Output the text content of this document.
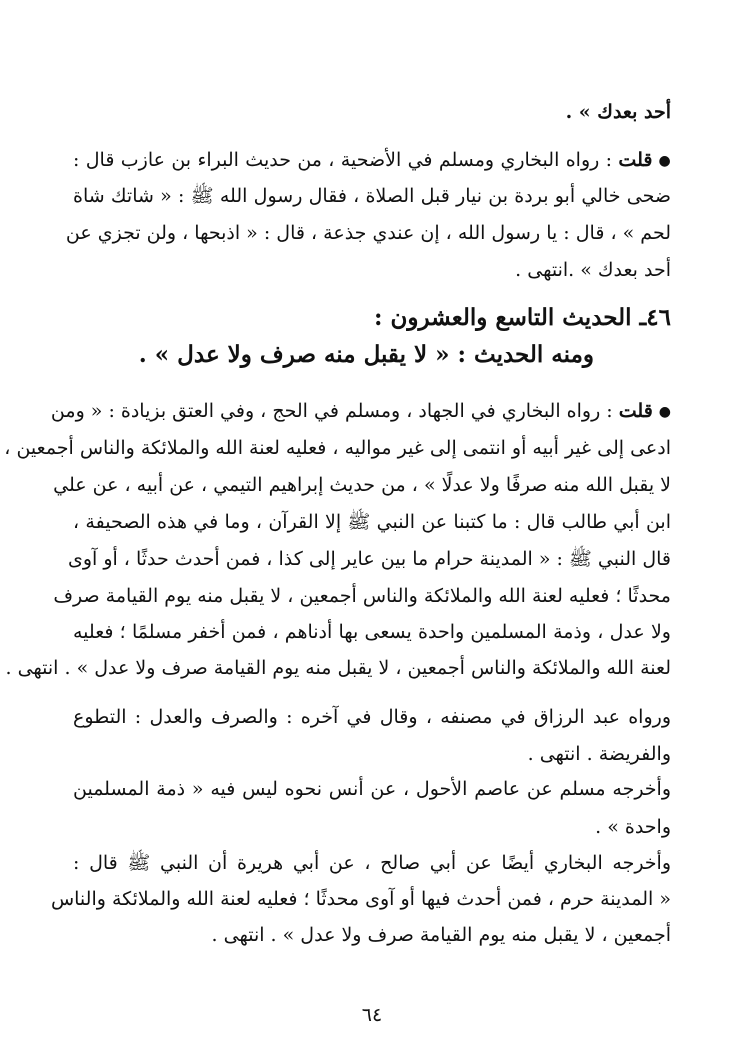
أحد بعدك » .
●قلت : رواه البخاري ومسلم في الأضحية ، من حديث البراء بن عازب قال :
ضحى خالي أبو بردة بن نيار قبل الصلاة ، فقال رسول الله ﷺ : « شاتك شاة
لحم » ، قال : يا رسول الله ، إن عندي جذعة ، قال : « اذبحها ، ولن تجزي عن
أحد بعدك » .انتهى .
٤٦ـ الحديث التاسع والعشرون :
ومنه الحديث : « لا يقبل منه صرف ولا عدل » .
●قلت : رواه البخاري في الجهاد ، ومسلم في الحج ، وفي العتق بزيادة : « ومن
ادعى إلى غير أبيه أو انتمى إلى غير مواليه ، فعليه لعنة الله والملائكة والناس أجمعين ،
لا يقبل الله منه صرفًا ولا عدلًا » ، من حديث إبراهيم التيمي ، عن أبيه ، عن علي
ابن أبي طالب قال : ما كتبنا عن النبي ﷺ إلا القرآن ، وما في هذه الصحيفة ،
قال النبي ﷺ : « المدينة حرام ما بين عاير إلى كذا ، فمن أحدث حدثًا ، أو آوى
محدثًا ؛ فعليه لعنة الله والملائكة والناس أجمعين ، لا يقبل منه يوم القيامة صرف
ولا عدل ، وذمة المسلمين واحدة يسعى بها أدناهم ، فمن أخفر مسلمًا ؛ فعليه
لعنة الله والملائكة والناس أجمعين ، لا يقبل منه يوم القيامة صرف ولا عدل » . انتهى .
ورواه عبد الرزاق في مصنفه ، وقال في آخره : والصرف والعدل : التطوع
والفريضة . انتهى .
وأخرجه مسلم عن عاصم الأحول ، عن أنس نحوه ليس فيه « ذمة المسلمين
واحدة » .
وأخرجه البخاري أيضًا عن أبي صالح ، عن أبي هريرة أن النبي ﷺ قال :
« المدينة حرم ، فمن أحدث فيها أو آوى محدثًا ؛ فعليه لعنة الله والملائكة والناس
أجمعين ، لا يقبل منه يوم القيامة صرف ولا عدل » . انتهى .
٦٤
